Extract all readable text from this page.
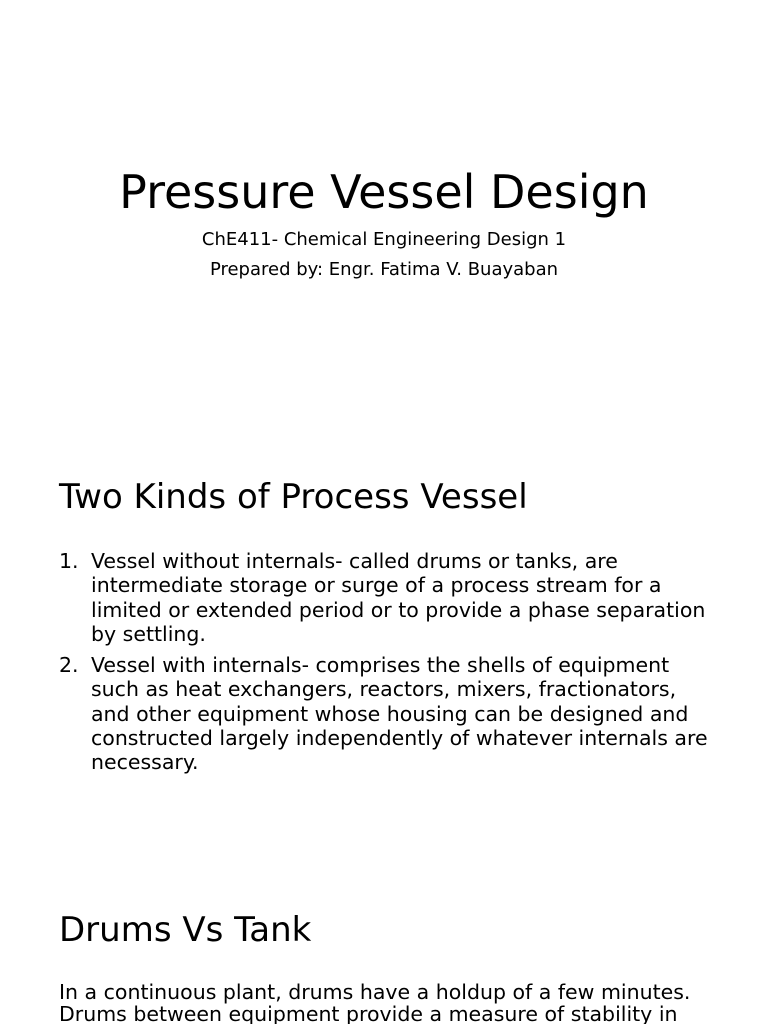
Pressure Vessel Design

ChE411- Chemical Engineering Design 1

Prepared by: Engr. Fatima V. Buayaban

Two Kinds of Process Vessel
1. Vessel without internals- called drums or tanks, are intermediate storage or surge of a process stream for a limited or extended period or to provide a phase separation by settling.
2. Vessel with internals- comprises the shells of equipment such as heat exchangers, reactors, mixers, fractionators, and other equipment whose housing can be designed and constructed largely independently of whatever internals are necessary.
Drums Vs Tank

In a continuous plant, drums have a holdup of a few minutes. Drums between equipment provide a measure of stability in
